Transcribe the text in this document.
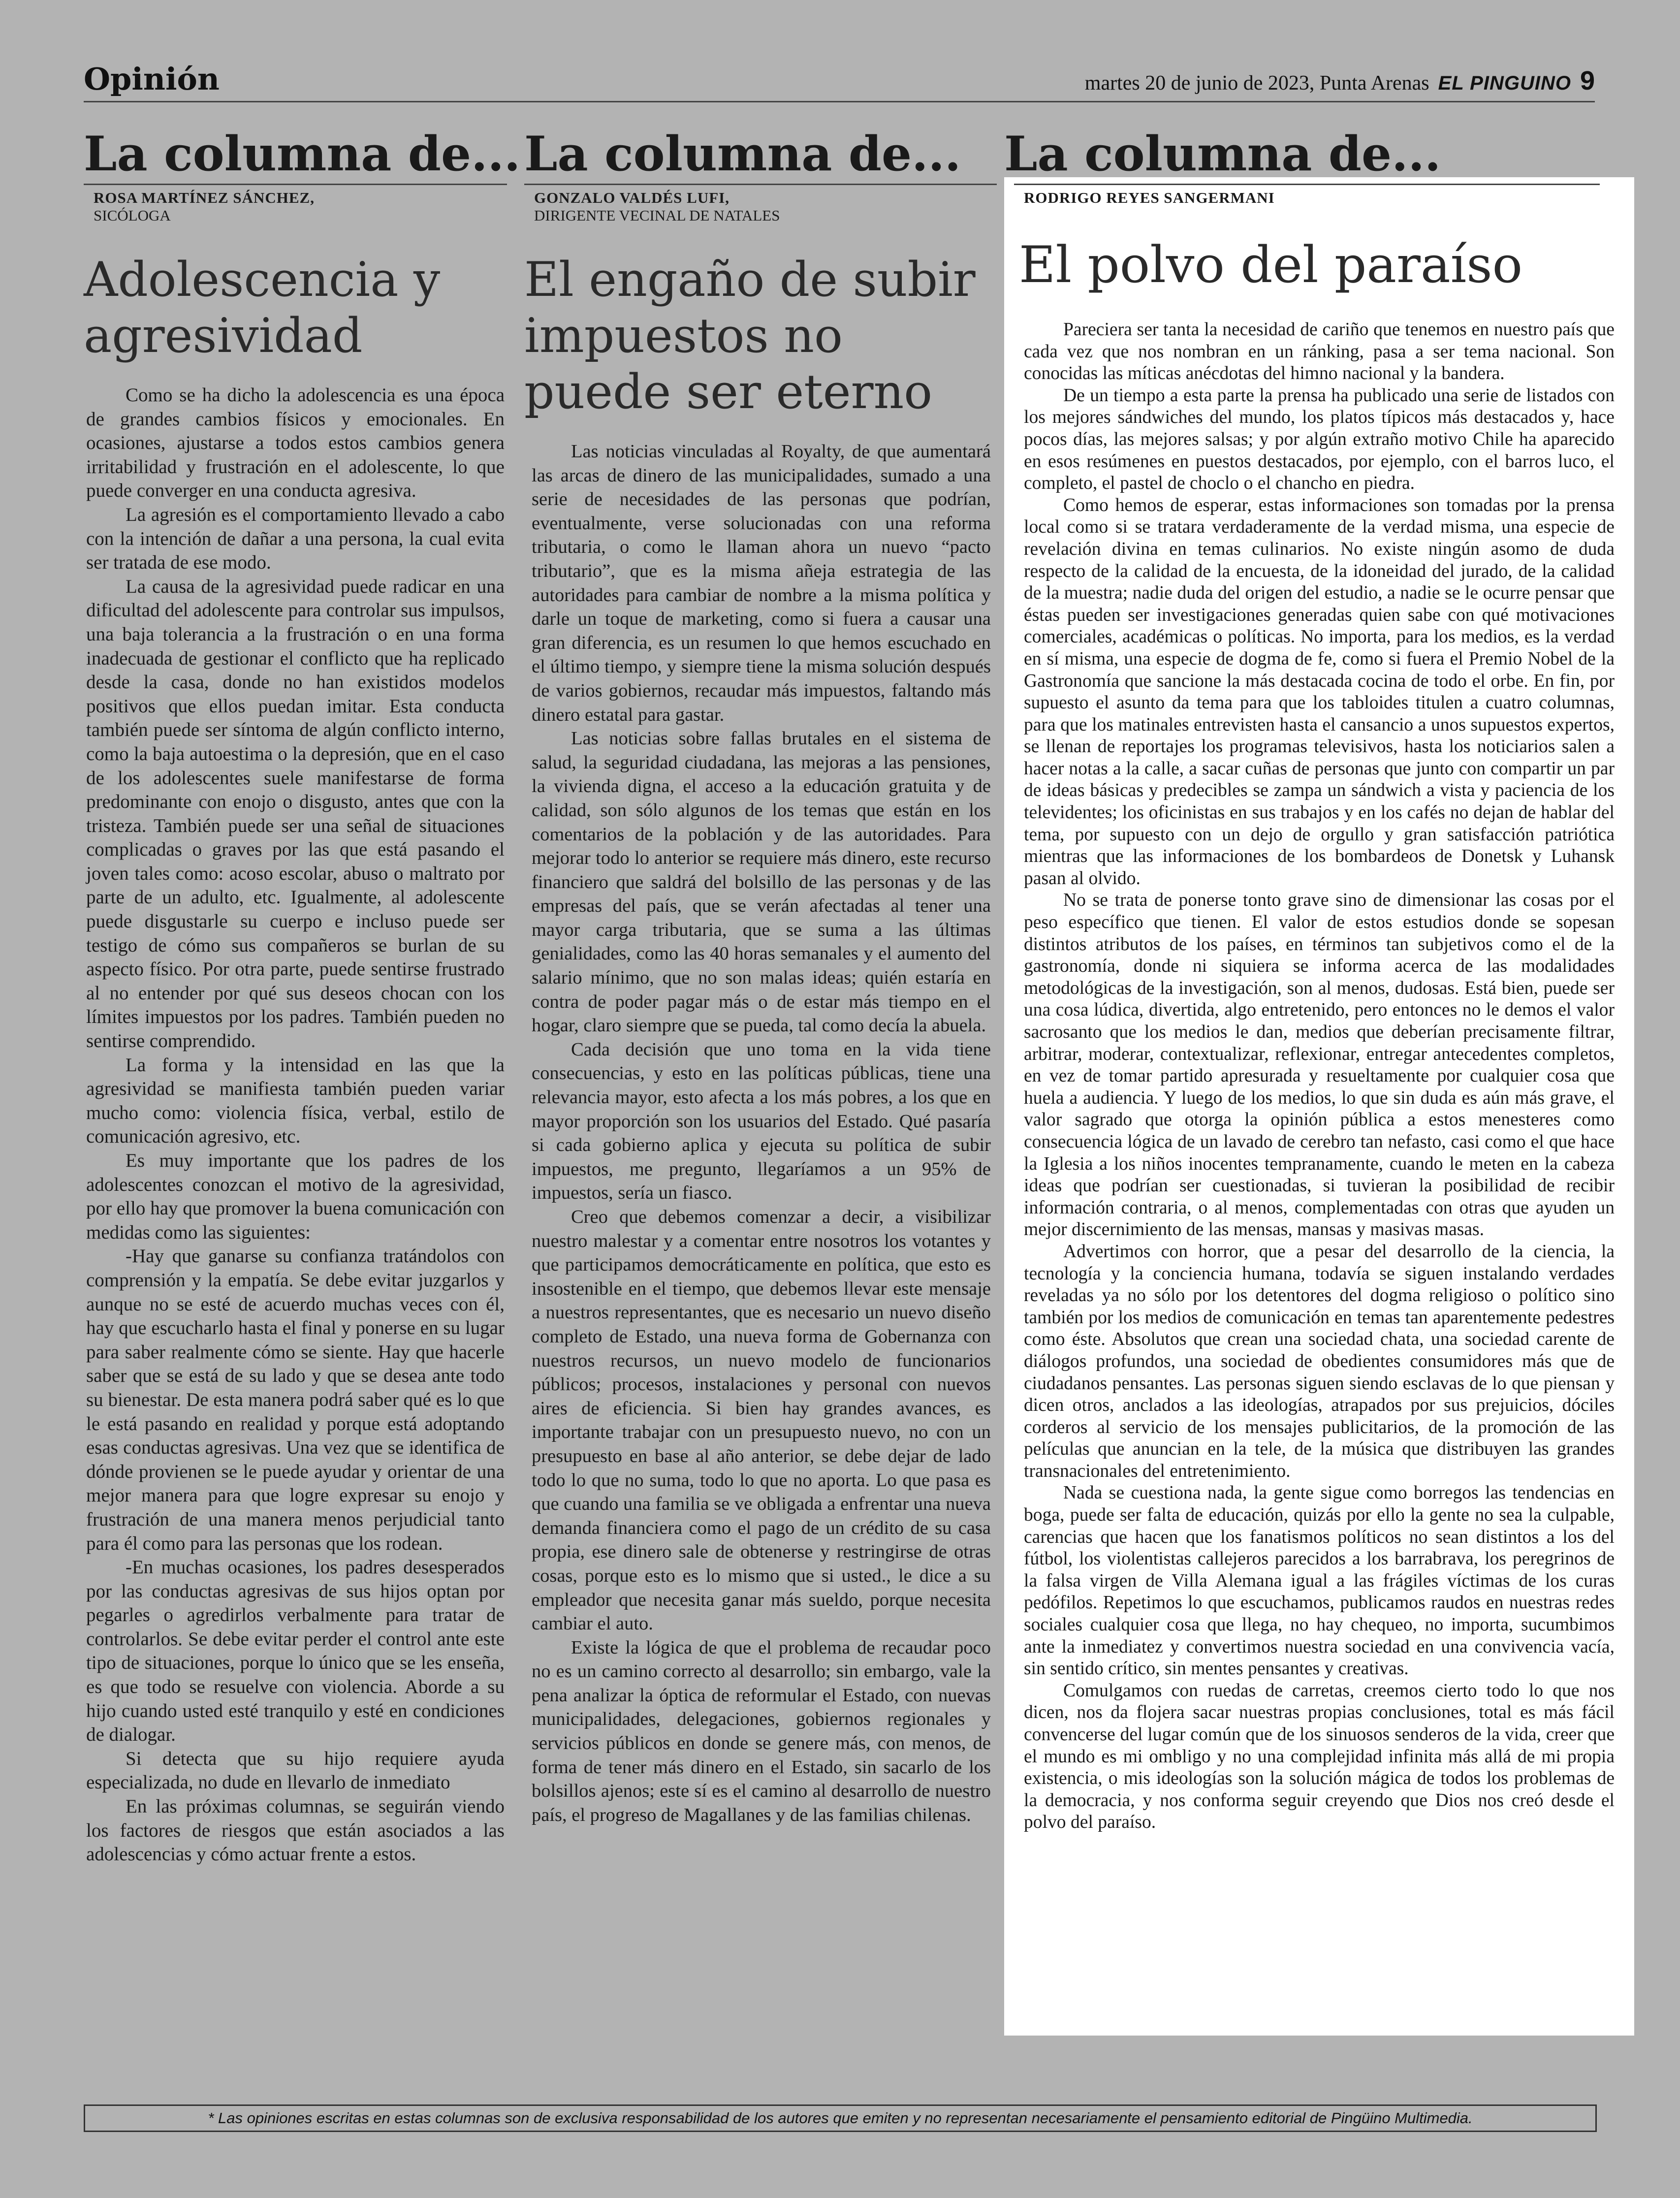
Opinión	martes 20 de junio de 2023, Punta Arenas EL PINGUINO 9
La columna de...
ROSA MARTÍNEZ SÁNCHEZ,
SICÓLOGA
Adolescencia y agresividad

Como se ha dicho la adolescencia es una época de grandes cambios físicos y emocionales. En ocasiones, ajustarse a todos estos cambios genera irritabilidad y frustración en el adolescente, lo que puede converger en una conducta agresiva.

La agresión es el comportamiento llevado a cabo con la intención de dañar a una persona, la cual evita ser tratada de ese modo.

La causa de la agresividad puede radicar en una dificultad del adolescente para controlar sus impulsos, una baja tolerancia a la frustración o en una forma inadecuada de gestionar el conflicto que ha replicado desde la casa, donde no han existidos modelos positivos que ellos puedan imitar. Esta conducta también puede ser síntoma de algún conflicto interno, como la baja autoestima o la depresión, que en el caso de los adolescentes suele manifestarse de forma predominante con enojo o disgusto, antes que con la tristeza. También puede ser una señal de situaciones complicadas o graves por las que está pasando el joven tales como: acoso escolar, abuso o maltrato por parte de un adulto, etc. Igualmente, al adolescente puede disgustarle su cuerpo e incluso puede ser testigo de cómo sus compañeros se burlan de su aspecto físico. Por otra parte, puede sentirse frustrado al no entender por qué sus deseos chocan con los límites impuestos por los padres. También pueden no sentirse comprendido.

La forma y la intensidad en las que la agresividad se manifiesta también pueden variar mucho como: violencia física, verbal, estilo de comunicación agresivo, etc.

Es muy importante que los padres de los adolescentes conozcan el motivo de la agresividad, por ello hay que promover la buena comunicación con medidas como las siguientes:

-Hay que ganarse su confianza tratándolos con comprensión y la empatía. Se debe evitar juzgarlos y aunque no se esté de acuerdo muchas veces con él, hay que escucharlo hasta el final y ponerse en su lugar para saber realmente cómo se siente. Hay que hacerle saber que se está de su lado y que se desea ante todo su bienestar. De esta manera podrá saber qué es lo que le está pasando en realidad y porque está adoptando esas conductas agresivas. Una vez que se identifica de dónde provienen se le puede ayudar y orientar de una mejor manera para que logre expresar su enojo y frustración de una manera menos perjudicial tanto para él como para las personas que los rodean.

-En muchas ocasiones, los padres desesperados por las conductas agresivas de sus hijos optan por pegarles o agredirlos verbalmente para tratar de controlarlos. Se debe evitar perder el control ante este tipo de situaciones, porque lo único que se les enseña, es que todo se resuelve con violencia. Aborde a su hijo cuando usted esté tranquilo y esté en condiciones de dialogar.

Si detecta que su hijo requiere ayuda especializada, no dude en llevarlo de inmediato

En las próximas columnas, se seguirán viendo los factores de riesgos que están asociados a las adolescencias y cómo actuar frente a estos.

La columna de...
GONZALO VALDÉS LUFI,
DIRIGENTE VECINAL DE NATALES
El engaño de subir impuestos no puede ser eterno

Las noticias vinculadas al Royalty, de que aumentará las arcas de dinero de las municipalidades, sumado a una serie de necesidades de las personas que podrían, eventualmente, verse solucionadas con una reforma tributaria, o como le llaman ahora un nuevo “pacto tributario”, que es la misma añeja estrategia de las autoridades para cambiar de nombre a la misma política y darle un toque de marketing, como si fuera a causar una gran diferencia, es un resumen lo que hemos escuchado en el último tiempo, y siempre tiene la misma solución después de varios gobiernos, recaudar más impuestos, faltando más dinero estatal para gastar.

Las noticias sobre fallas brutales en el sistema de salud, la seguridad ciudadana, las mejoras a las pensiones, la vivienda digna, el acceso a la educación gratuita y de calidad, son sólo algunos de los temas que están en los comentarios de la población y de las autoridades. Para mejorar todo lo anterior se requiere más dinero, este recurso financiero que saldrá del bolsillo de las personas y de las empresas del país, que se verán afectadas al tener una mayor carga tributaria, que se suma a las últimas genialidades, como las 40 horas semanales y el aumento del salario mínimo, que no son malas ideas; quién estaría en contra de poder pagar más o de estar más tiempo en el hogar, claro siempre que se pueda, tal como decía la abuela.

Cada decisión que uno toma en la vida tiene consecuencias, y esto en las políticas públicas, tiene una relevancia mayor, esto afecta a los más pobres, a los que en mayor proporción son los usuarios del Estado. Qué pasaría si cada gobierno aplica y ejecuta su política de subir impuestos, me pregunto, llegaríamos a un 95% de impuestos, sería un fiasco.

Creo que debemos comenzar a decir, a visibilizar nuestro malestar y a comentar entre nosotros los votantes y que participamos democráticamente en política, que esto es insostenible en el tiempo, que debemos llevar este mensaje a nuestros representantes, que es necesario un nuevo diseño completo de Estado, una nueva forma de Gobernanza con nuestros recursos, un nuevo modelo de funcionarios públicos; procesos, instalaciones y personal con nuevos aires de eficiencia. Si bien hay grandes avances, es importante trabajar con un presupuesto nuevo, no con un presupuesto en base al año anterior, se debe dejar de lado todo lo que no suma, todo lo que no aporta. Lo que pasa es que cuando una familia se ve obligada a enfrentar una nueva demanda financiera como el pago de un crédito de su casa propia, ese dinero sale de obtenerse y restringirse de otras cosas, porque esto es lo mismo que si usted., le dice a su empleador que necesita ganar más sueldo, porque necesita cambiar el auto.

Existe la lógica de que el problema de recaudar poco no es un camino correcto al desarrollo; sin embargo, vale la pena analizar la óptica de reformular el Estado, con nuevas municipalidades, delegaciones, gobiernos regionales y servicios públicos en donde se genere más, con menos, de forma de tener más dinero en el Estado, sin sacarlo de los bolsillos ajenos; este sí es el camino al desarrollo de nuestro país, el progreso de Magallanes y de las familias chilenas.

La columna de...
RODRIGO REYES SANGERMANI
El polvo del paraíso

Pareciera ser tanta la necesidad de cariño que tenemos en nuestro país que cada vez que nos nombran en un ránking, pasa a ser tema nacional. Son conocidas las míticas anécdotas del himno nacional y la bandera.

De un tiempo a esta parte la prensa ha publicado una serie de listados con los mejores sándwiches del mundo, los platos típicos más destacados y, hace pocos días, las mejores salsas; y por algún extraño motivo Chile ha aparecido en esos resúmenes en puestos destacados, por ejemplo, con el barros luco, el completo, el pastel de choclo o el chancho en piedra.

Como hemos de esperar, estas informaciones son tomadas por la prensa local como si se tratara verdaderamente de la verdad misma, una especie de revelación divina en temas culinarios. No existe ningún asomo de duda respecto de la calidad de la encuesta, de la idoneidad del jurado, de la calidad de la muestra; nadie duda del origen del estudio, a nadie se le ocurre pensar que éstas pueden ser investigaciones generadas quien sabe con qué motivaciones comerciales, académicas o políticas. No importa, para los medios, es la verdad en sí misma, una especie de dogma de fe, como si fuera el Premio Nobel de la Gastronomía que sancione la más destacada cocina de todo el orbe. En fin, por supuesto el asunto da tema para que los tabloides titulen a cuatro columnas, para que los matinales entrevisten hasta el cansancio a unos supuestos expertos, se llenan de reportajes los programas televisivos, hasta los noticiarios salen a hacer notas a la calle, a sacar cuñas de personas que junto con compartir un par de ideas básicas y predecibles se zampa un sándwich a vista y paciencia de los televidentes; los oficinistas en sus trabajos y en los cafés no dejan de hablar del tema, por supuesto con un dejo de orgullo y gran satisfacción patriótica mientras que las informaciones de los bombardeos de Donetsk y Luhansk pasan al olvido.

No se trata de ponerse tonto grave sino de dimensionar las cosas por el peso específico que tienen. El valor de estos estudios donde se sopesan distintos atributos de los países, en términos tan subjetivos como el de la gastronomía, donde ni siquiera se informa acerca de las modalidades metodológicas de la investigación, son al menos, dudosas. Está bien, puede ser una cosa lúdica, divertida, algo entretenido, pero entonces no le demos el valor sacrosanto que los medios le dan, medios que deberían precisamente filtrar, arbitrar, moderar, contextualizar, reflexionar, entregar antecedentes completos, en vez de tomar partido apresurada y resueltamente por cualquier cosa que huela a audiencia. Y luego de los medios, lo que sin duda es aún más grave, el valor sagrado que otorga la opinión pública a estos menesteres como consecuencia lógica de un lavado de cerebro tan nefasto, casi como el que hace la Iglesia a los niños inocentes tempranamente, cuando le meten en la cabeza ideas que podrían ser cuestionadas, si tuvieran la posibilidad de recibir información contraria, o al menos, complementadas con otras que ayuden un mejor discernimiento de las mensas, mansas y masivas masas.

Advertimos con horror, que a pesar del desarrollo de la ciencia, la tecnología y la conciencia humana, todavía se siguen instalando verdades reveladas ya no sólo por los detentores del dogma religioso o político sino también por los medios de comunicación en temas tan aparentemente pedestres como éste. Absolutos que crean una sociedad chata, una sociedad carente de diálogos profundos, una sociedad de obedientes consumidores más que de ciudadanos pensantes. Las personas siguen siendo esclavas de lo que piensan y dicen otros, anclados a las ideologías, atrapados por sus prejuicios, dóciles corderos al servicio de los mensajes publicitarios, de la promoción de las películas que anuncian en la tele, de la música que distribuyen las grandes transnacionales del entretenimiento.

Nada se cuestiona nada, la gente sigue como borregos las tendencias en boga, puede ser falta de educación, quizás por ello la gente no sea la culpable, carencias que hacen que los fanatismos políticos no sean distintos a los del fútbol, los violentistas callejeros parecidos a los barrabrava, los peregrinos de la falsa virgen de Villa Alemana igual a las frágiles víctimas de los curas pedófilos. Repetimos lo que escuchamos, publicamos raudos en nuestras redes sociales cualquier cosa que llega, no hay chequeo, no importa, sucumbimos ante la inmediatez y convertimos nuestra sociedad en una convivencia vacía, sin sentido crítico, sin mentes pensantes y creativas.

Comulgamos con ruedas de carretas, creemos cierto todo lo que nos dicen, nos da flojera sacar nuestras propias conclusiones, total es más fácil convencerse del lugar común que de los sinuosos senderos de la vida, creer que el mundo es mi ombligo y no una complejidad infinita más allá de mi propia existencia, o mis ideologías son la solución mágica de todos los problemas de la democracia, y nos conforma seguir creyendo que Dios nos creó desde el polvo del paraíso.

* Las opiniones escritas en estas columnas son de exclusiva responsabilidad de los autores que emiten y no representan necesariamente el pensamiento editorial de Pingüino Multimedia.
